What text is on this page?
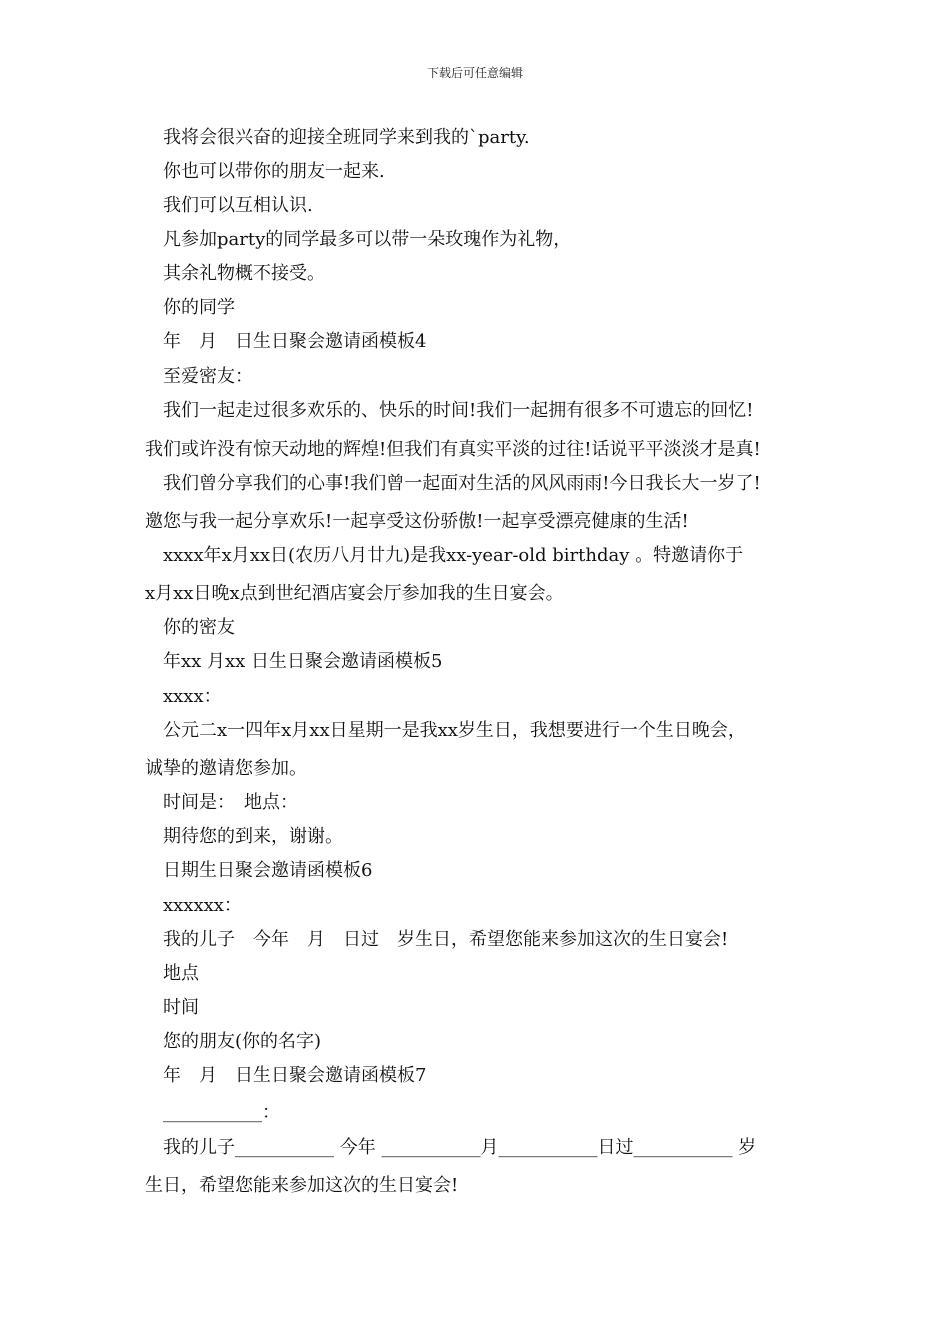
下载后可任意编辑
　我将会很兴奋的迎接全班同学来到我的`party.
　你也可以带你的朋友一起来.
　我们可以互相认识.
　凡参加party的同学最多可以带一朵玫瑰作为礼物，
　其余礼物概不接受。
　你的同学
　年　月　日生日聚会邀请函模板4
　至爱密友：
　我们一起走过很多欢乐的、快乐的时间!我们一起拥有很多不可遗忘的回忆!
我们或许没有惊天动地的辉煌!但我们有真实平淡的过往!话说平平淡淡才是真!
　我们曾分享我们的心事!我们曾一起面对生活的风风雨雨!今日我长大一岁了!
邀您与我一起分享欢乐!一起享受这份骄傲!一起享受漂亮健康的生活!
　xxxx年x月xx日(农历八月廿九)是我xx-year-old birthday 。特邀请你于
x月xx日晚x点到世纪酒店宴会厅参加我的生日宴会。
　你的密友
　年xx 月xx 日生日聚会邀请函模板5
　xxxx：
　公元二x一四年x月xx日星期一是我xx岁生日，我想要进行一个生日晚会，
诚挚的邀请您参加。
　时间是：　地点：
　期待您的到来，谢谢。
　日期生日聚会邀请函模板6
　xxxxxx：
　我的儿子　今年　月　日过　岁生日，希望您能来参加这次的生日宴会!
　地点
　时间
　您的朋友(你的名字)
　年　月　日生日聚会邀请函模板7
　___________：
　我的儿子___________ 今年 ___________月___________日过___________ 岁
生日，希望您能来参加这次的生日宴会!
